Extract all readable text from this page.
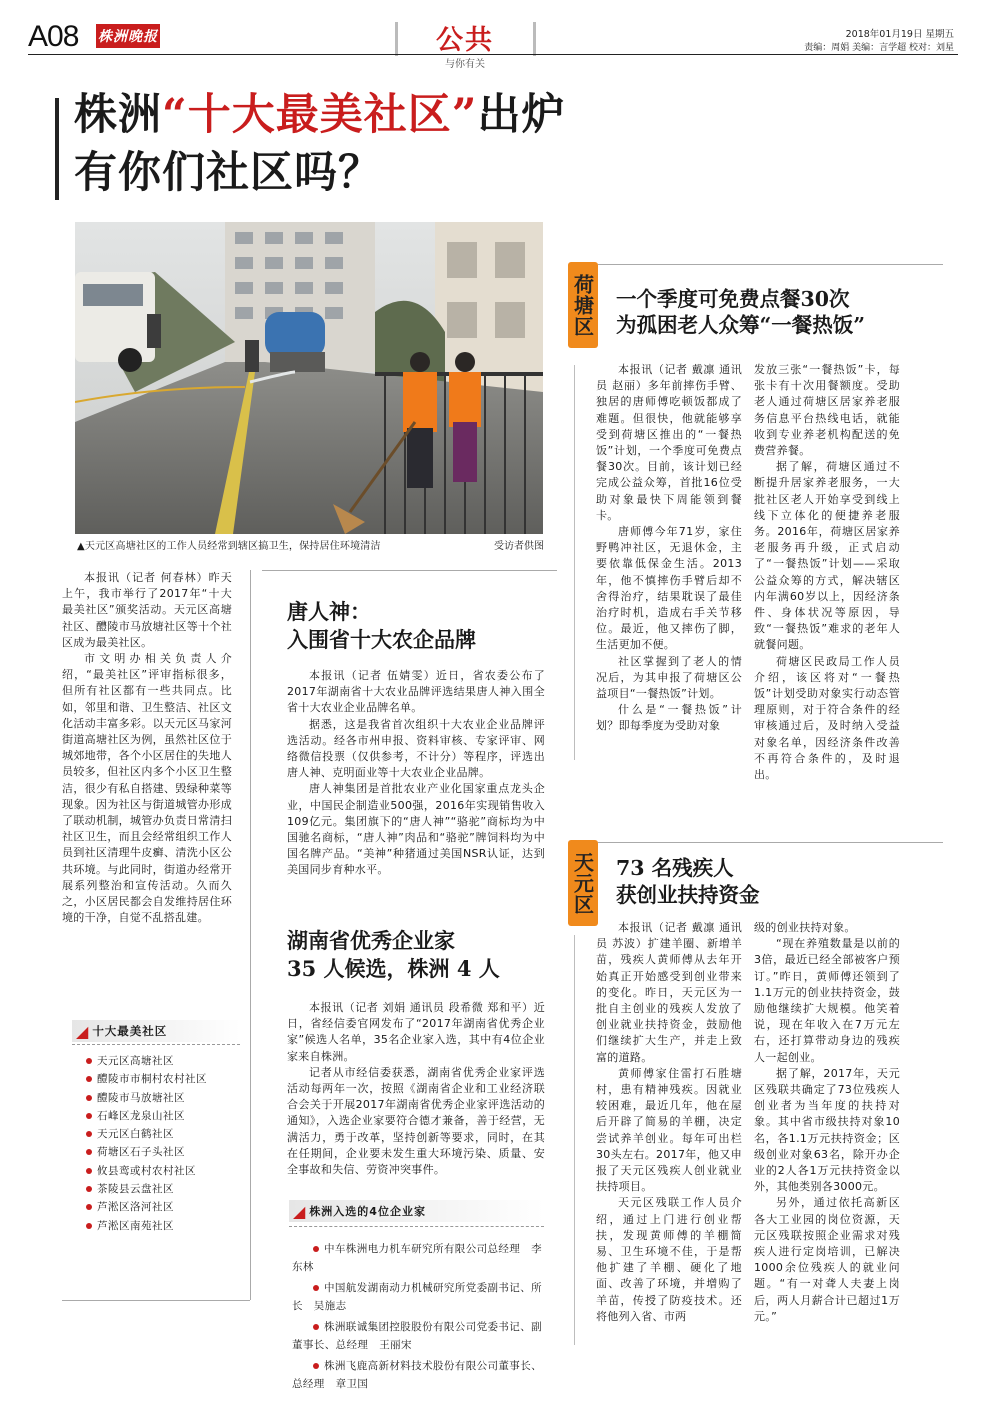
A08 株洲晚报	公共
与你有关
2018年01月19日 星期五
责编：周娟 美编：言学超 校对：刘星
株洲“十大最美社区”出炉
有你们社区吗？
▲天元区高塘社区的工作人员经常到辖区搞卫生，保持居住环境清洁	受访者供图

本报讯（记者 何春林）昨天上午，我市举行了2017年“十大最美社区”颁奖活动。天元区高塘社区、醴陵市马放塘社区等十个社区成为最美社区。

市文明办相关负责人介绍，“最美社区”评审指标很多，但所有社区都有一些共同点。比如，邻里和谐、卫生整洁、社区文化活动丰富多彩。以天元区马家河街道高塘社区为例，虽然社区位于城郊地带，各个小区居住的失地人员较多，但社区内多个小区卫生整洁，很少有私自搭建、毁绿种菜等现象。因为社区与街道城管办形成了联动机制，城管办负责日常清扫社区卫生，而且会经常组织工作人员到社区清理牛皮癣、清洗小区公共环境。与此同时，街道办经常开展系列整治和宣传活动。久而久之，小区居民都会自发维持居住环境的干净，自觉不乱搭乱建。

◢ 十大最美社区
天元区高塘社区
醴陵市市桐村农村社区
醴陵市马放塘社区
石峰区龙泉山社区
天元区白鹤社区
荷塘区石子头社区
攸县鸾或村农村社区
茶陵县云盘社区
芦淞区洛河社区
芦淞区南苑社区
唐人神：
入围省十大农企品牌

本报讯（记者 伍婧雯）近日，省农委公布了2017年湖南省十大农业品牌评选结果唐人神入围全省十大农业企业品牌名单。

据悉，这是我省首次组织十大农业企业品牌评选活动。经各市州申报、资料审核、专家评审、网络微信投票（仅供参考，不计分）等程序，评选出唐人神、克明面业等十大农业企业品牌。

唐人神集团是首批农业产业化国家重点龙头企业，中国民企制造业500强，2016年实现销售收入109亿元。集团旗下的“唐人神”“骆驼”商标均为中国驰名商标，“唐人神”肉品和“骆驼”牌饲料均为中国名牌产品。“美神”种猪通过美国NSR认证，达到美国同步育种水平。

湖南省优秀企业家
35 人候选，株洲 4 人

本报讯（记者 刘娟 通讯员 段希微 郑和平）近日，省经信委官网发布了“2017年湖南省优秀企业家”候选人名单，35名企业家入选，其中有4位企业家来自株洲。

记者从市经信委获悉，湖南省优秀企业家评选活动每两年一次，按照《湖南省企业和工业经济联合会关于开展2017年湖南省优秀企业家评选活动的通知》，入选企业家要符合德才兼备，善于经营，无满活力，勇于改革，坚持创新等要求，同时，在其在任期间，企业要未发生重大环境污染、质量、安全事故和失信、劳资冲突事件。

◢ 株洲入选的4位企业家
中车株洲电力机车研究所有限公司总经理　李东林
中国航发湖南动力机械研究所党委副书记、所长　吴施志
株洲联诚集团控股股份有限公司党委书记、副董事长、总经理　王丽宋
株洲飞鹿高新材料技术股份有限公司董事长、总经理　章卫国
荷塘区 一个季度可免费点餐30次
为孤困老人众筹“一餐热饭”

本报讯（记者 戴凛 通讯员 赵丽）多年前摔伤手臂、独居的唐师傅吃顿饭都成了难题。但很快，他就能够享受到荷塘区推出的“一餐热饭”计划，一个季度可免费点餐30次。目前，该计划已经完成公益众筹，首批16位受助对象最快下周能领到餐卡。

唐师傅今年71岁，家住野鸭冲社区，无退休金，主要依靠低保金生活。2013年，他不慎摔伤手臂后却不舍得治疗，结果耽误了最佳治疗时机，造成右手关节移位。最近，他又摔伤了脚，生活更加不便。

社区掌握到了老人的情况后，为其申报了荷塘区公益项目“一餐热饭”计划。

什么是“一餐热饭”计划？即每季度为受助对象

发放三张“一餐热饭”卡，每张卡有十次用餐额度。受助老人通过荷塘区居家养老服务信息平台热线电话，就能收到专业养老机构配送的免费营养餐。

据了解，荷塘区通过不断提升居家养老服务，一大批社区老人开始享受到线上线下立体化的便捷养老服务。2016年，荷塘区居家养老服务再升级，正式启动了“一餐热饭”计划——采取公益众筹的方式，解决辖区内年满60岁以上，因经济条件、身体状况等原因，导致“一餐热饭”难求的老年人就餐问题。

荷塘区民政局工作人员介绍，该区将对“一餐热饭”计划受助对象实行动态管理原则，对于符合条件的经审核通过后，及时纳入受益对象名单，因经济条件改善不再符合条件的，及时退出。

天元区 73 名残疾人
获创业扶持资金

本报讯（记者 戴凛 通讯员 苏波）扩建羊圈、新增羊苗，残疾人黄师傅从去年开始真正开始感受到创业带来的变化。昨日，天元区为一批自主创业的残疾人发放了创业就业扶持资金，鼓励他们继续扩大生产，并走上致富的道路。

黄师傅家住雷打石胜塘村，患有精神残疾。因就业较困难，最近几年，他在屋后开辟了简易的羊棚，决定尝试养羊创业。每年可出栏30头左右。2017年，他又申报了天元区残疾人创业就业扶持项目。

天元区残联工作人员介绍，通过上门进行创业帮扶，发现黄师傅的羊棚简易、卫生环境不佳，于是帮他扩建了羊棚、硬化了地面、改善了环境，并增购了羊苗，传授了防疫技术。还将他列入省、市两

级的创业扶持对象。

“现在养殖数量是以前的3倍，最近已经全部被客户预订。”昨日，黄师傅还领到了1.1万元的创业扶持资金，鼓励他继续扩大规模。他笑着说，现在年收入在7万元左右，还打算带动身边的残疾人一起创业。

据了解，2017年，天元区残联共确定了73位残疾人创业者为当年度的扶持对象。其中省市级扶持对象10名，各1.1万元扶持资金；区级创业对象63名，除开办企业的2人各1万元扶持资金以外，其他类别各3000元。

另外，通过依托高新区各大工业园的岗位资源，天元区残联按照企业需求对残疾人进行定岗培训，已解决1000余位残疾人的就业问题。“有一对聋人夫妻上岗后，两人月薪合计已超过1万元。”
